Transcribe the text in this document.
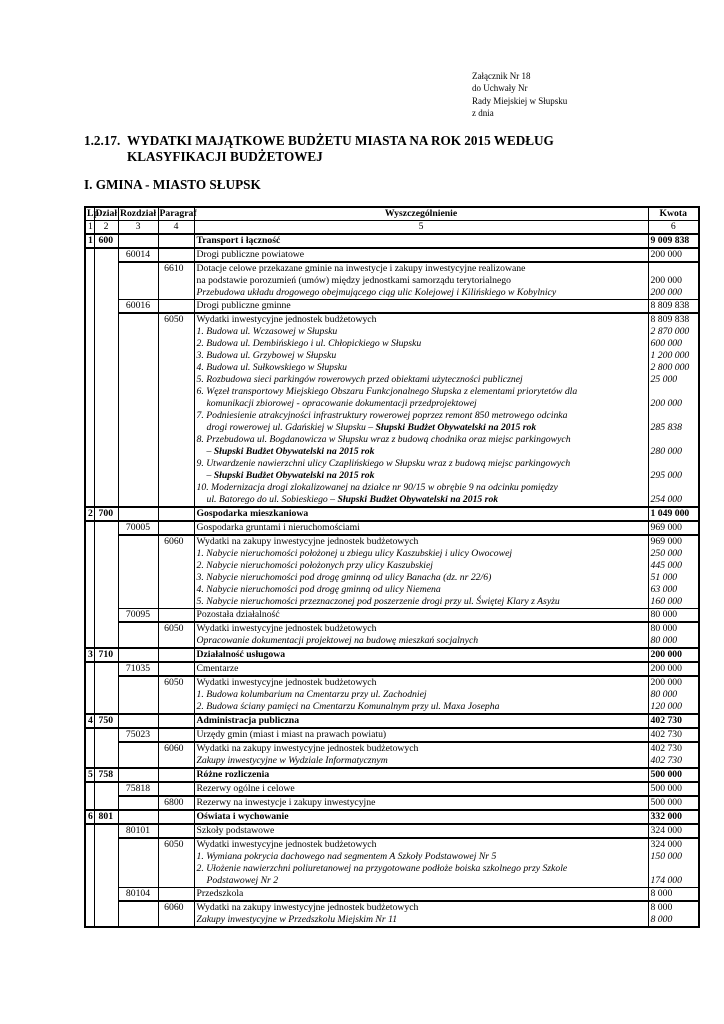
Załącznik Nr 18
do Uchwały Nr
Rady Miejskiej w Słupsku
z dnia
1.2.17. WYDATKI MAJĄTKOWE BUDŻETU MIASTA NA ROK 2015 WEDŁUG
KLASYFIKACJI BUDŻETOWEJ
I. GMINA - MIASTO SŁUPSK
Lp	Dział	Rozdział	Paragraf	Wyszczególnienie	Kwota
1	2	3	4	5	6
1	600			Transport i łączność	9 009 838
		60014		Drogi publiczne powiatowe	200 000
			6610	Dotacje celowe przekazane gminie na inwestycje i zakupy inwestycyjne realizowane
na podstawie porozumień (umów) między jednostkami samorządu terytorialnego	200 000

				Przebudowa układu drogowego obejmującego ciąg ulic Kolejowej i Kilińskiego w Kobylnicy	200 000
		60016		Drogi publiczne gminne	8 809 838
			6050	Wydatki inwestycyjne jednostek budżetowych	8 809 838

				1. Budowa ul. Wczasowej w Słupsku	2 870 000

				2. Budowa ul. Dembińskiego i ul. Chłopickiego w Słupsku	600 000

				3. Budowa ul. Grzybowej w Słupsku	1 200 000

				4. Budowa ul. Sułkowskiego w Słupsku	2 800 000

				5. Rozbudowa sieci parkingów rowerowych przed obiektami użyteczności publicznej	25 000

				6. Węzeł transportowy Miejskiego Obszaru Funkcjonalnego Słupska z elementami priorytetów dla
komunikacji zbiorowej - opracowanie dokumentacji przedprojektowej	200 000

				7. Podniesienie atrakcyjności infrastruktury rowerowej poprzez remont 850 metrowego odcinka
drogi rowerowej ul. Gdańskiej w Słupsku – Słupski Budżet Obywatelski na 2015 rok	285 838

				8. Przebudowa ul. Bogdanowicza w Słupsku wraz z budową chodnika oraz miejsc parkingowych
– Słupski Budżet Obywatelski na 2015 rok	280 000

				9. Utwardzenie nawierzchni ulicy Czaplińskiego w Słupsku wraz z budową miejsc parkingowych
– Słupski Budżet Obywatelski na 2015 rok	295 000

				10. Modernizacja drogi zlokalizowanej na działce nr 90/15 w obrębie 9 na odcinku pomiędzy
ul. Batorego do ul. Sobieskiego – Słupski Budżet Obywatelski na 2015 rok	254 000
2	700			Gospodarka mieszkaniowa	1 049 000
		70005		Gospodarka gruntami i nieruchomościami	969 000
			6060	Wydatki na zakupy inwestycyjne jednostek budżetowych	969 000

				1. Nabycie nieruchomości położonej u zbiegu ulicy Kaszubskiej i ulicy Owocowej	250 000

				2. Nabycie nieruchomości położonych przy ulicy Kaszubskiej	445 000

				3. Nabycie nieruchomości pod drogę gminną od ulicy Banacha (dz. nr 22/6)	51 000

				4. Nabycie nieruchomości pod drogę gminną od ulicy Niemena	63 000

				5. Nabycie nieruchomości przeznaczonej pod poszerzenie drogi przy ul. Świętej Klary z Asyżu	160 000
		70095		Pozostała działalność	80 000
			6050	Wydatki inwestycyjne jednostek budżetowych	80 000

				Opracowanie dokumentacji projektowej na budowę mieszkań socjalnych	80 000
3	710			Działalność usługowa	200 000
		71035		Cmentarze	200 000
			6050	Wydatki inwestycyjne jednostek budżetowych	200 000

				1. Budowa kolumbarium na Cmentarzu przy ul. Zachodniej	80 000

				2. Budowa ściany pamięci na Cmentarzu Komunalnym przy ul. Maxa Josepha	120 000
4	750			Administracja publiczna	402 730
		75023		Urzędy gmin (miast i miast na prawach powiatu)	402 730
			6060	Wydatki na zakupy inwestycyjne jednostek budżetowych	402 730

				Zakupy inwestycyjne w Wydziale Informatycznym	402 730
5	758			Różne rozliczenia	500 000
		75818		Rezerwy ogólne i celowe	500 000
			6800	Rezerwy na inwestycje i zakupy inwestycyjne	500 000
6	801			Oświata i wychowanie	332 000
		80101		Szkoły podstawowe	324 000
			6050	Wydatki inwestycyjne jednostek budżetowych	324 000

				1. Wymiana pokrycia dachowego nad segmentem A Szkoły Podstawowej Nr 5	150 000

				2. Ułożenie nawierzchni poliuretanowej na przygotowane podłoże boiska szkolnego przy Szkole
Podstawowej Nr 2	174 000
		80104		Przedszkola	8 000
			6060	Wydatki na zakupy inwestycyjne jednostek budżetowych	8 000

				Zakupy inwestycyjne w Przedszkolu Miejskim Nr 11	8 000
